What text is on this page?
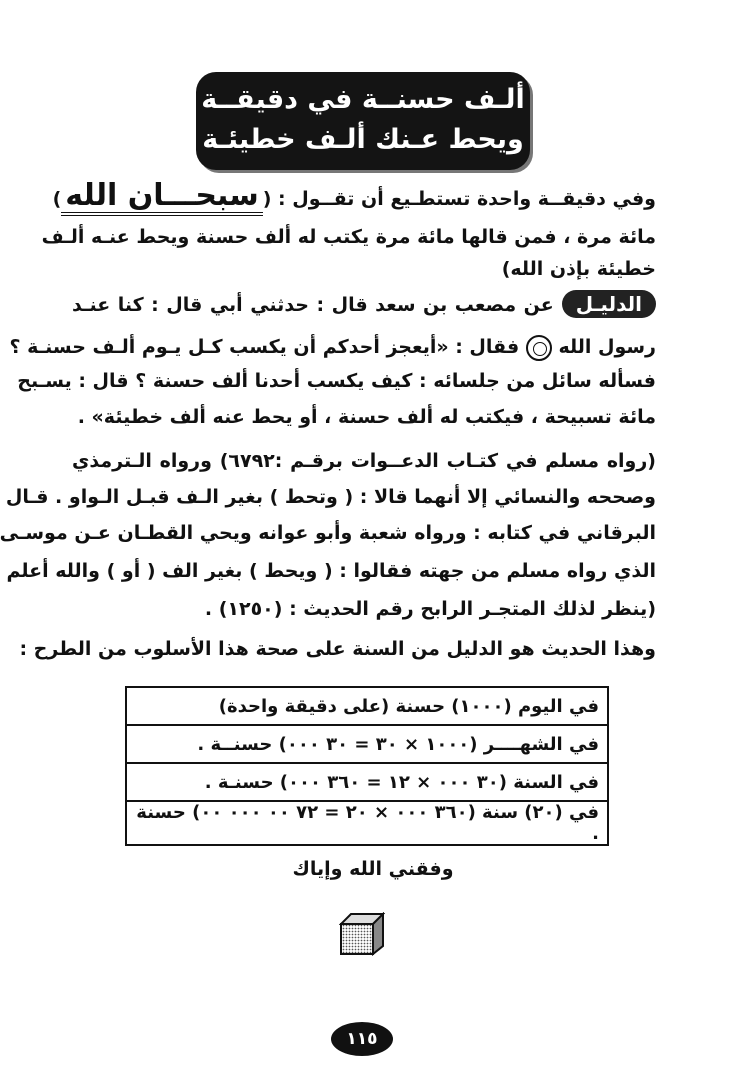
ألـف حسنــة في دقيقــة
ويحط عـنك ألـف خطيئـة
وفي دقيقــة واحدة تستطـيع أن تقــول : (سبحـــان الله)
مائة مرة ، فمن قالها مائة مرة يكتب له ألف حسنة ويحط عنـه ألـف
خطيئة بإذن الله)
الدليـلعن مصعب بن سعد قال : حدثني أبي قال : كنا عنـد
رسول الله  فقال : «أيعجز أحدكم أن يكسب كـل يـوم ألـف حسنـة ؟
فسأله سائل من جلسائه : كيف يكسب أحدنا ألف حسنة ؟ قال : يسـبح
مائة تسبيحة ، فيكتب له ألف حسنة ، أو يحط عنه ألف خطيئة» .
(رواه مسلم في كتـاب الدعــوات برقـم :٦٧٩٢) ورواه الـترمذي
وصححه والنسائي إلا أنهما قالا : ( وتحط ) بغير الـف قبـل الـواو . قـال
البرقاني في كتابه : ورواه شعبة وأبو عوانه ويحي القطـان عـن موسـى
الذي رواه مسلم من جهته فقالوا : ( ويحط ) بغير الف ( أو ) والله أعلم
(ينظر لذلك المتجـر الرابح رقم الحديث : (١٢٥٠) .
وهذا الحديث هو الدليل من السنة على صحة هذا الأسلوب من الطرح :
في اليوم (١٠٠٠) حسنة (على دقيقة واحدة)
في الشهــــر (١٠٠٠ × ٣٠ = ٣٠ ٠٠٠) حسنــة .
في السنة (٣٠ ٠٠٠ × ١٢ = ٣٦٠ ٠٠٠) حسنـة .
في (٢٠) سنة (٣٦٠ ٠٠٠ × ٢٠ = ٧٢ ٠٠ ٠٠٠ ٠٠) حسنة .
وفقني الله وإياك
١١٥
